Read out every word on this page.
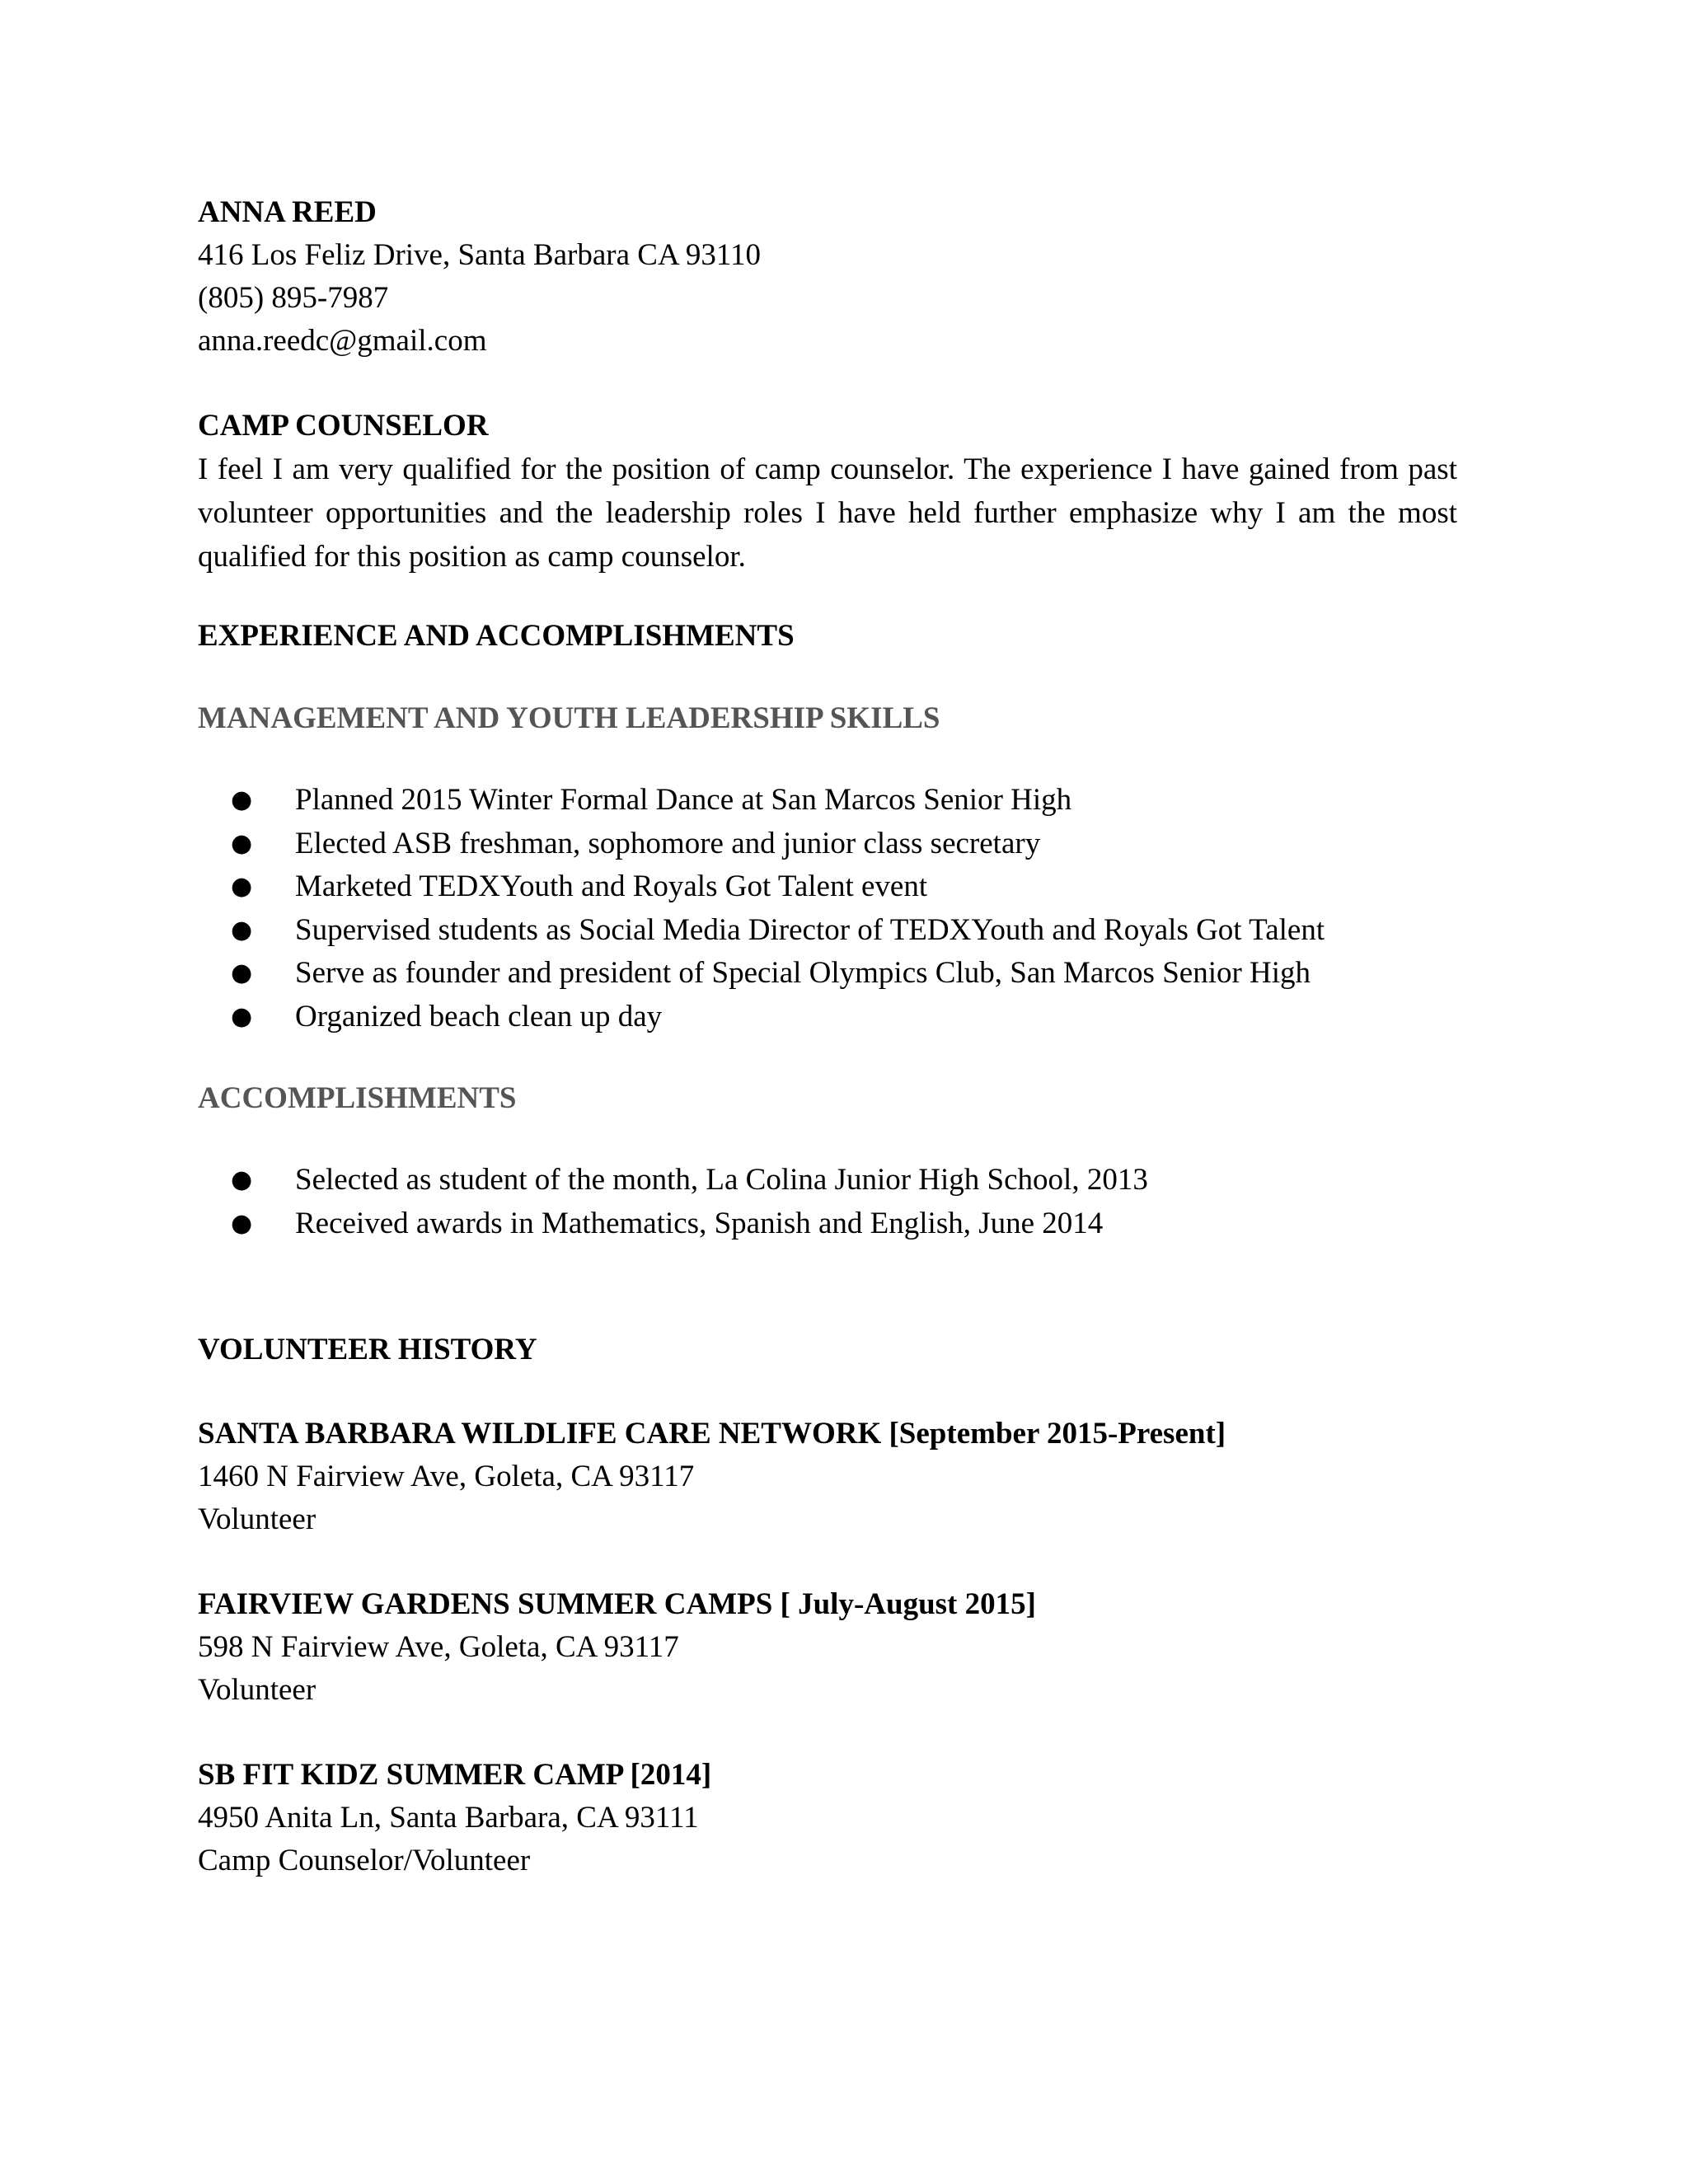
ANNA REED

416 Los Feliz Drive, Santa Barbara CA 93110

(805) 895-7987

anna.reedc@gmail.com

CAMP COUNSELOR

I feel I am very qualified for the position of camp counselor. The experience I have gained from past volunteer opportunities and the leadership roles I have held further emphasize why I am the most qualified for this position as camp counselor.

EXPERIENCE AND ACCOMPLISHMENTS

MANAGEMENT AND YOUTH LEADERSHIP SKILLS

● Planned 2015 Winter Formal Dance at San Marcos Senior High
● Elected ASB freshman, sophomore and junior class secretary
● Marketed TEDXYouth and Royals Got Talent event
● Supervised students as Social Media Director of TEDXYouth and Royals Got Talent
● Serve as founder and president of Special Olympics Club, San Marcos Senior High
● Organized beach clean up day

ACCOMPLISHMENTS

● Selected as student of the month, La Colina Junior High School, 2013
● Received awards in Mathematics, Spanish and English, June 2014

VOLUNTEER HISTORY

SANTA BARBARA WILDLIFE CARE NETWORK [September 2015-Present]

1460 N Fairview Ave, Goleta, CA 93117

Volunteer

FAIRVIEW GARDENS SUMMER CAMPS [ July-August 2015]

598 N Fairview Ave, Goleta, CA 93117

Volunteer

SB FIT KIDZ SUMMER CAMP [2014]

4950 Anita Ln, Santa Barbara, CA 93111

Camp Counselor/Volunteer
